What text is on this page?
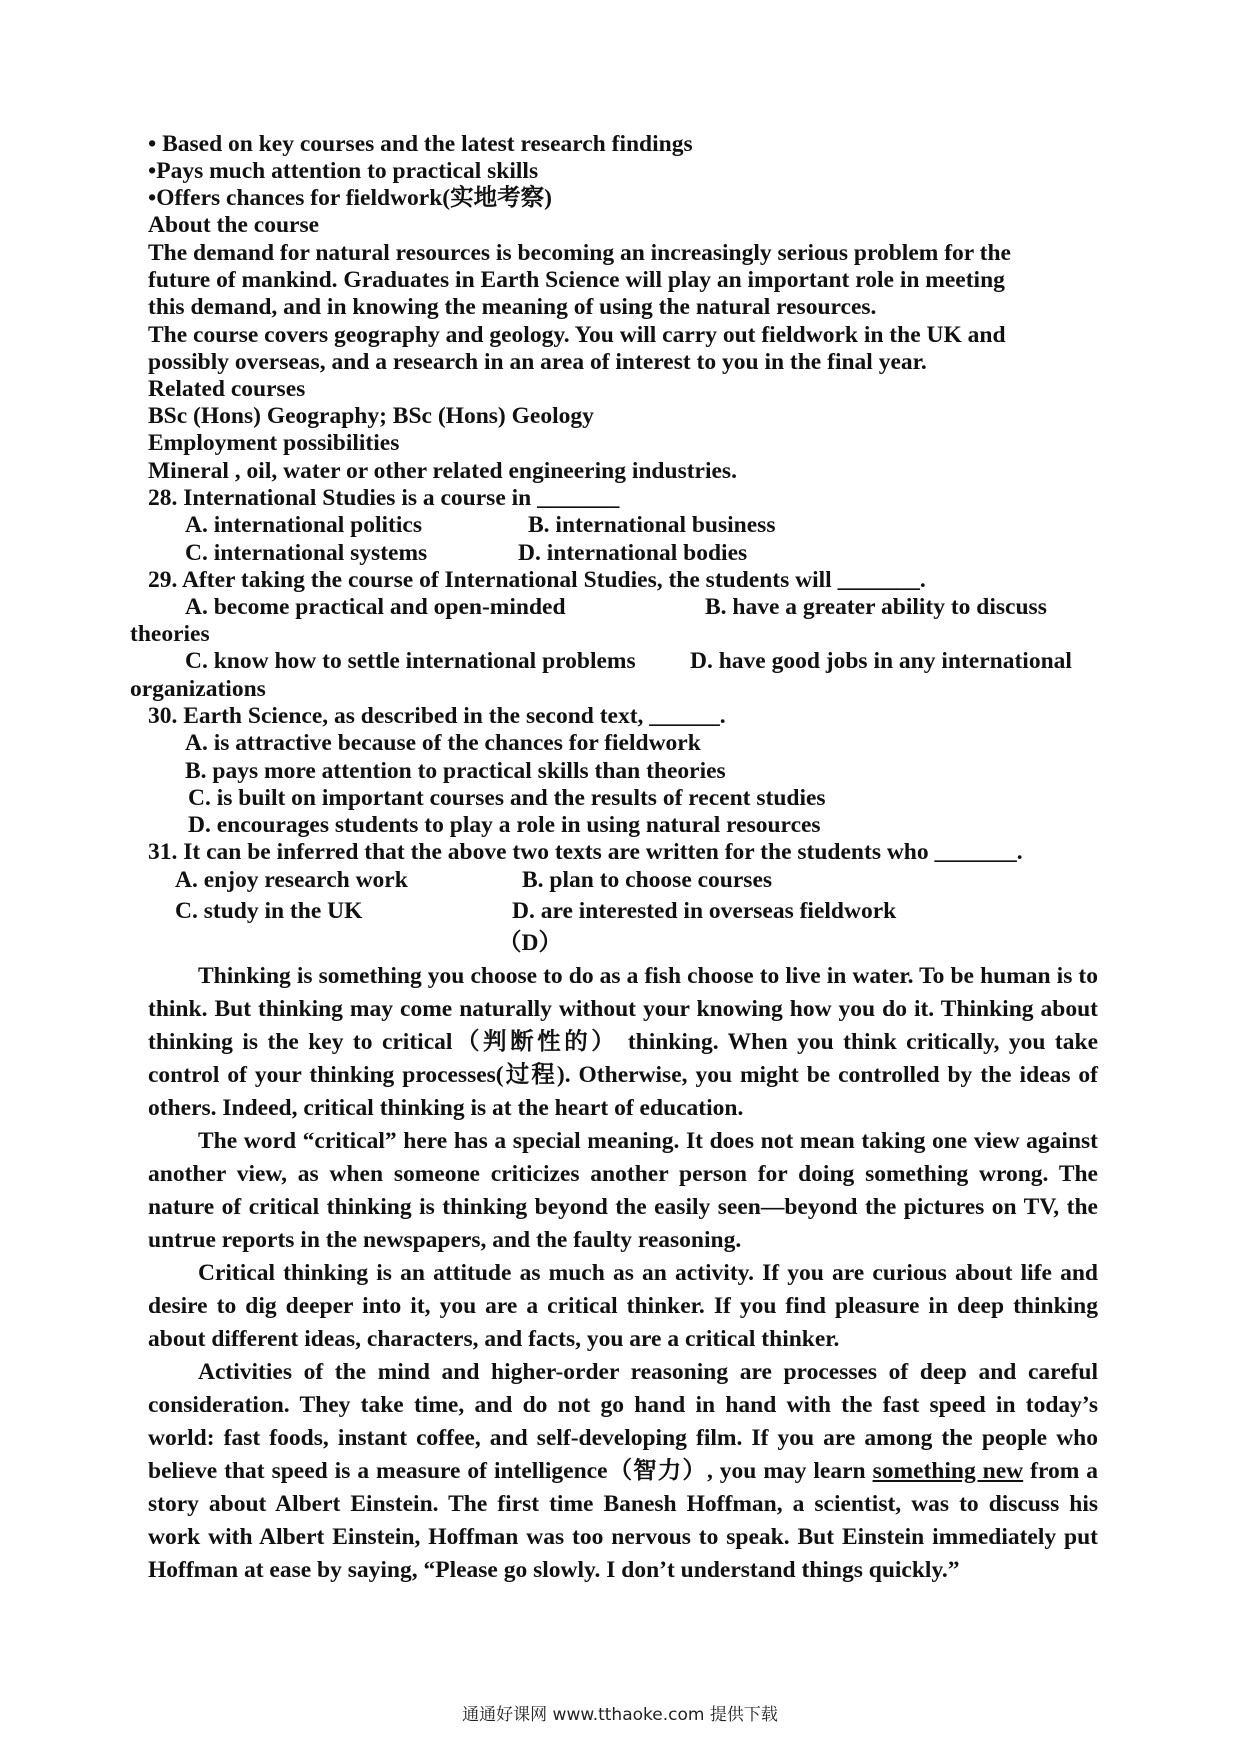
• Based on key courses and the latest research findings
•Pays much attention to practical skills
•Offers chances for fieldwork(实地考察)
About the course
The demand for natural resources is becoming an increasingly serious problem for the
future of mankind. Graduates in Earth Science will play an important role in meeting
this demand, and in knowing the meaning of using the natural resources.
The course covers geography and geology. You will carry out fieldwork in the UK and
possibly overseas, and a research in an area of interest to you in the final year.
Related courses
BSc (Hons) Geography; BSc (Hons) Geology
Employment possibilities
Mineral , oil, water or other related engineering industries.
28. International Studies is a course in _______
A. international politics	B. international business
C. international systems	D. international bodies
29. After taking the course of International Studies, the students will _______.
A. become practical and open-minded	B. have a greater ability to discuss
theories
C. know how to settle international problems D. have good jobs in any international
organizations
30. Earth Science, as described in the second text, ______.
A. is attractive because of the chances for fieldwork
B. pays more attention to practical skills than theories
C. is built on important courses and the results of recent studies
D. encourages students to play a role in using natural resources
31. It can be inferred that the above two texts are written for the students who _______.
A. enjoy research work	B. plan to choose courses
C. study in the UK	D. are interested in overseas fieldwork
（D）
Thinking is something you choose to do as a fish choose to live in water. To be human is to think. But thinking may come naturally without your knowing how you do it. Thinking about thinking is the key to critical（判断性的） thinking. When you think critically, you take control of your thinking processes(过程). Otherwise, you might be controlled by the ideas of others. Indeed, critical thinking is at the heart of education.
The word “critical” here has a special meaning. It does not mean taking one view against another view, as when someone criticizes another person for doing something wrong. The nature of critical thinking is thinking beyond the easily seen—beyond the pictures on TV, the untrue reports in the newspapers, and the faulty reasoning.
Critical thinking is an attitude as much as an activity. If you are curious about life and desire to dig deeper into it, you are a critical thinker. If you find pleasure in deep thinking about different ideas, characters, and facts, you are a critical thinker.
Activities of the mind and higher-order reasoning are processes of deep and careful consideration. They take time, and do not go hand in hand with the fast speed in today’s world: fast foods, instant coffee, and self-developing film. If you are among the people who believe that speed is a measure of intelligence（智力）, you may learn something new from a story about Albert Einstein. The first time Banesh Hoffman, a scientist, was to discuss his work with Albert Einstein, Hoffman was too nervous to speak. But Einstein immediately put Hoffman at ease by saying, “Please go slowly. I don’t understand things quickly.”
通通好课网 www.tthaoke.com 提供下载
